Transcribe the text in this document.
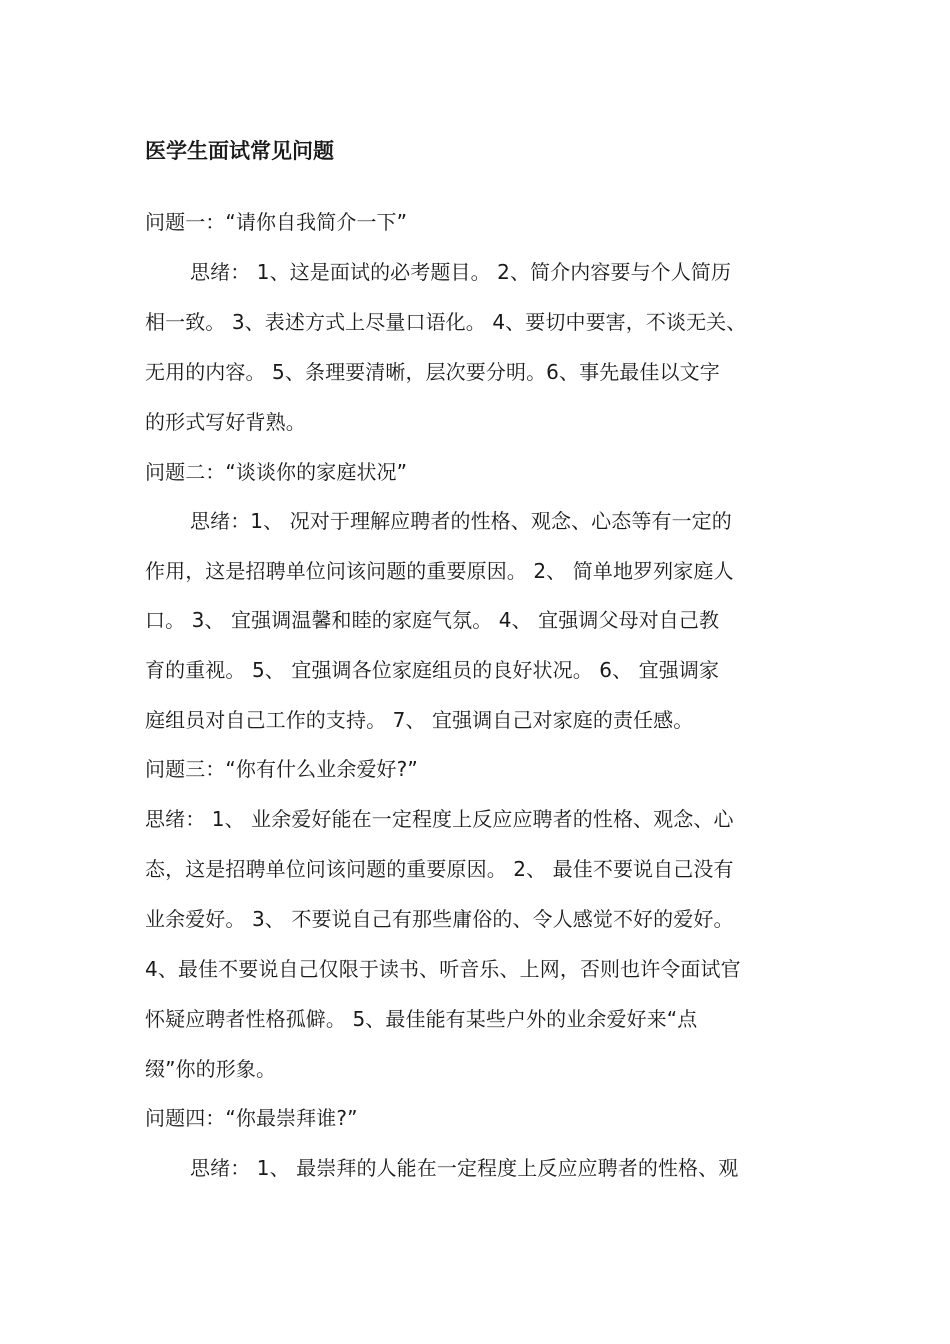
医学生面试常见问题
问题一：“请你自我简介一下”
思绪： 1、这是面试的必考题目。 2、简介内容要与个人简历
相一致。 3、表述方式上尽量口语化。 4、要切中要害，不谈无关、
无用的内容。 5、条理要清晰，层次要分明。6、事先最佳以文字
的形式写好背熟。
问题二：“谈谈你的家庭状况”
思绪：1、 况对于理解应聘者的性格、观念、心态等有一定的
作用，这是招聘单位问该问题的重要原因。 2、 简单地罗列家庭人
口。 3、 宜强调温馨和睦的家庭气氛。 4、 宜强调父母对自己教
育的重视。 5、 宜强调各位家庭组员的良好状况。 6、 宜强调家
庭组员对自己工作的支持。 7、 宜强调自己对家庭的责任感。
问题三：“你有什么业余爱好?”
思绪： 1、 业余爱好能在一定程度上反应应聘者的性格、观念、心
态，这是招聘单位问该问题的重要原因。 2、 最佳不要说自己没有
业余爱好。 3、 不要说自己有那些庸俗的、令人感觉不好的爱好。
4、最佳不要说自己仅限于读书、听音乐、上网，否则也许令面试官
怀疑应聘者性格孤僻。 5、最佳能有某些户外的业余爱好来“点
缀”你的形象。
问题四：“你最崇拜谁?”
思绪： 1、 最崇拜的人能在一定程度上反应应聘者的性格、观
